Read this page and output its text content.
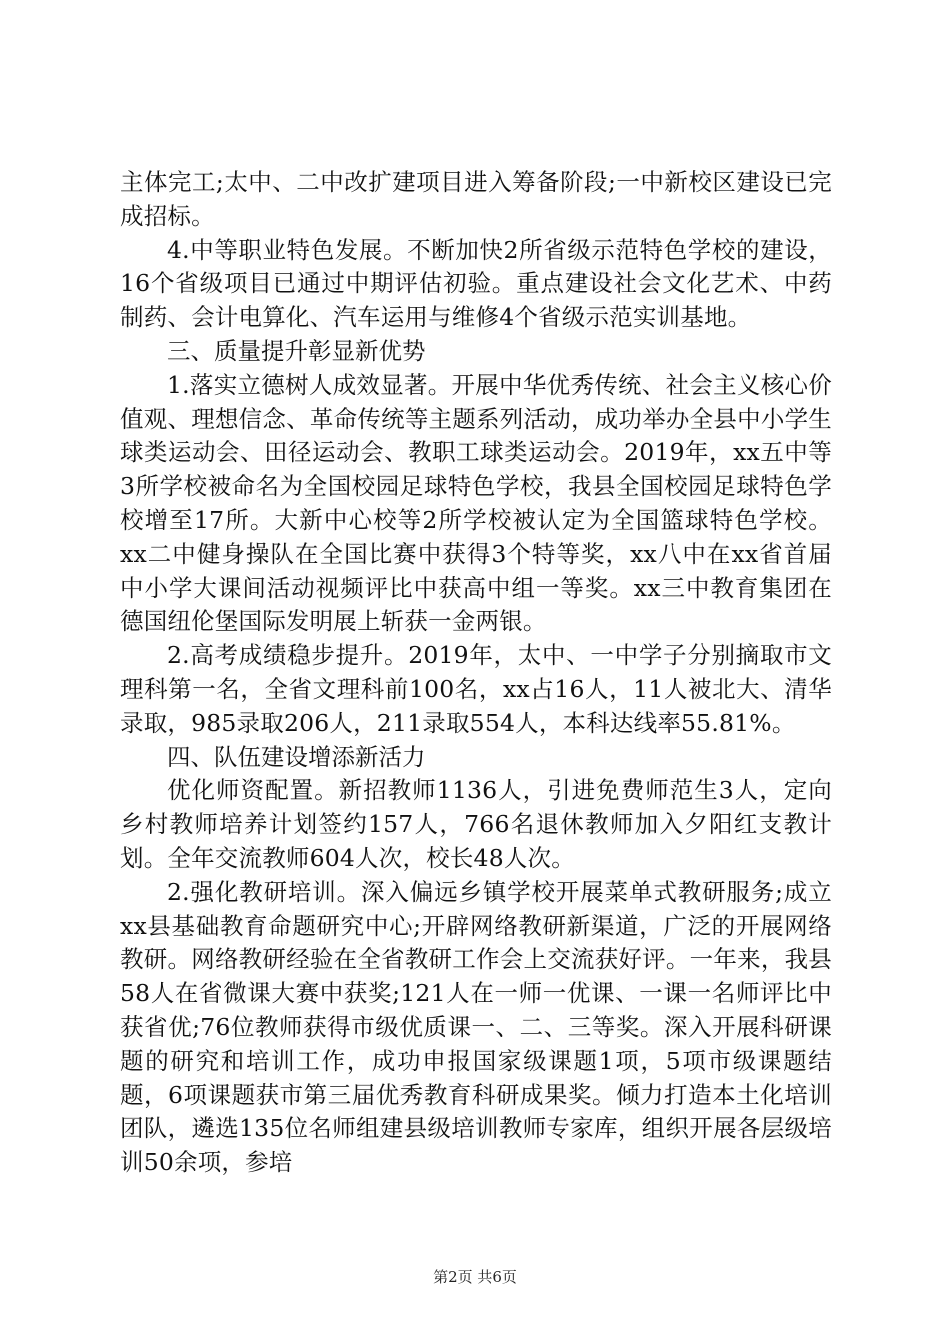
主体完工;太中、二中改扩建项目进入筹备阶段;一中新校区建设已完成招标。

4.中等职业特色发展。不断加快2所省级示范特色学校的建设，16个省级项目已通过中期评估初验。重点建设社会文化艺术、中药制药、会计电算化、汽车运用与维修4个省级示范实训基地。

三、质量提升彰显新优势

1.落实立德树人成效显著。开展中华优秀传统、社会主义核心价值观、理想信念、革命传统等主题系列活动，成功举办全县中小学生球类运动会、田径运动会、教职工球类运动会。2019年，xx五中等3所学校被命名为全国校园足球特色学校，我县全国校园足球特色学校增至17所。大新中心校等2所学校被认定为全国篮球特色学校。xx二中健身操队在全国比赛中获得3个特等奖，xx八中在xx省首届中小学大课间活动视频评比中获高中组一等奖。xx三中教育集团在德国纽伦堡国际发明展上斩获一金两银。

2.高考成绩稳步提升。2019年，太中、一中学子分别摘取市文理科第一名，全省文理科前100名，xx占16人，11人被北大、清华录取，985录取206人，211录取554人，本科达线率55.81%。

四、队伍建设增添新活力

优化师资配置。新招教师1136人，引进免费师范生3人，定向乡村教师培养计划签约157人，766名退休教师加入夕阳红支教计划。全年交流教师604人次，校长48人次。

2.强化教研培训。深入偏远乡镇学校开展菜单式教研服务;成立xx县基础教育命题研究中心;开辟网络教研新渠道，广泛的开展网络教研。网络教研经验在全省教研工作会上交流获好评。一年来，我县58人在省微课大赛中获奖;121人在一师一优课、一课一名师评比中获省优;76位教师获得市级优质课一、二、三等奖。深入开展科研课题的研究和培训工作，成功申报国家级课题1项，5项市级课题结题，6项课题获市第三届优秀教育科研成果奖。倾力打造本土化培训团队，遴选135位名师组建县级培训教师专家库，组织开展各层级培训50余项，参培

第2页 共6页
